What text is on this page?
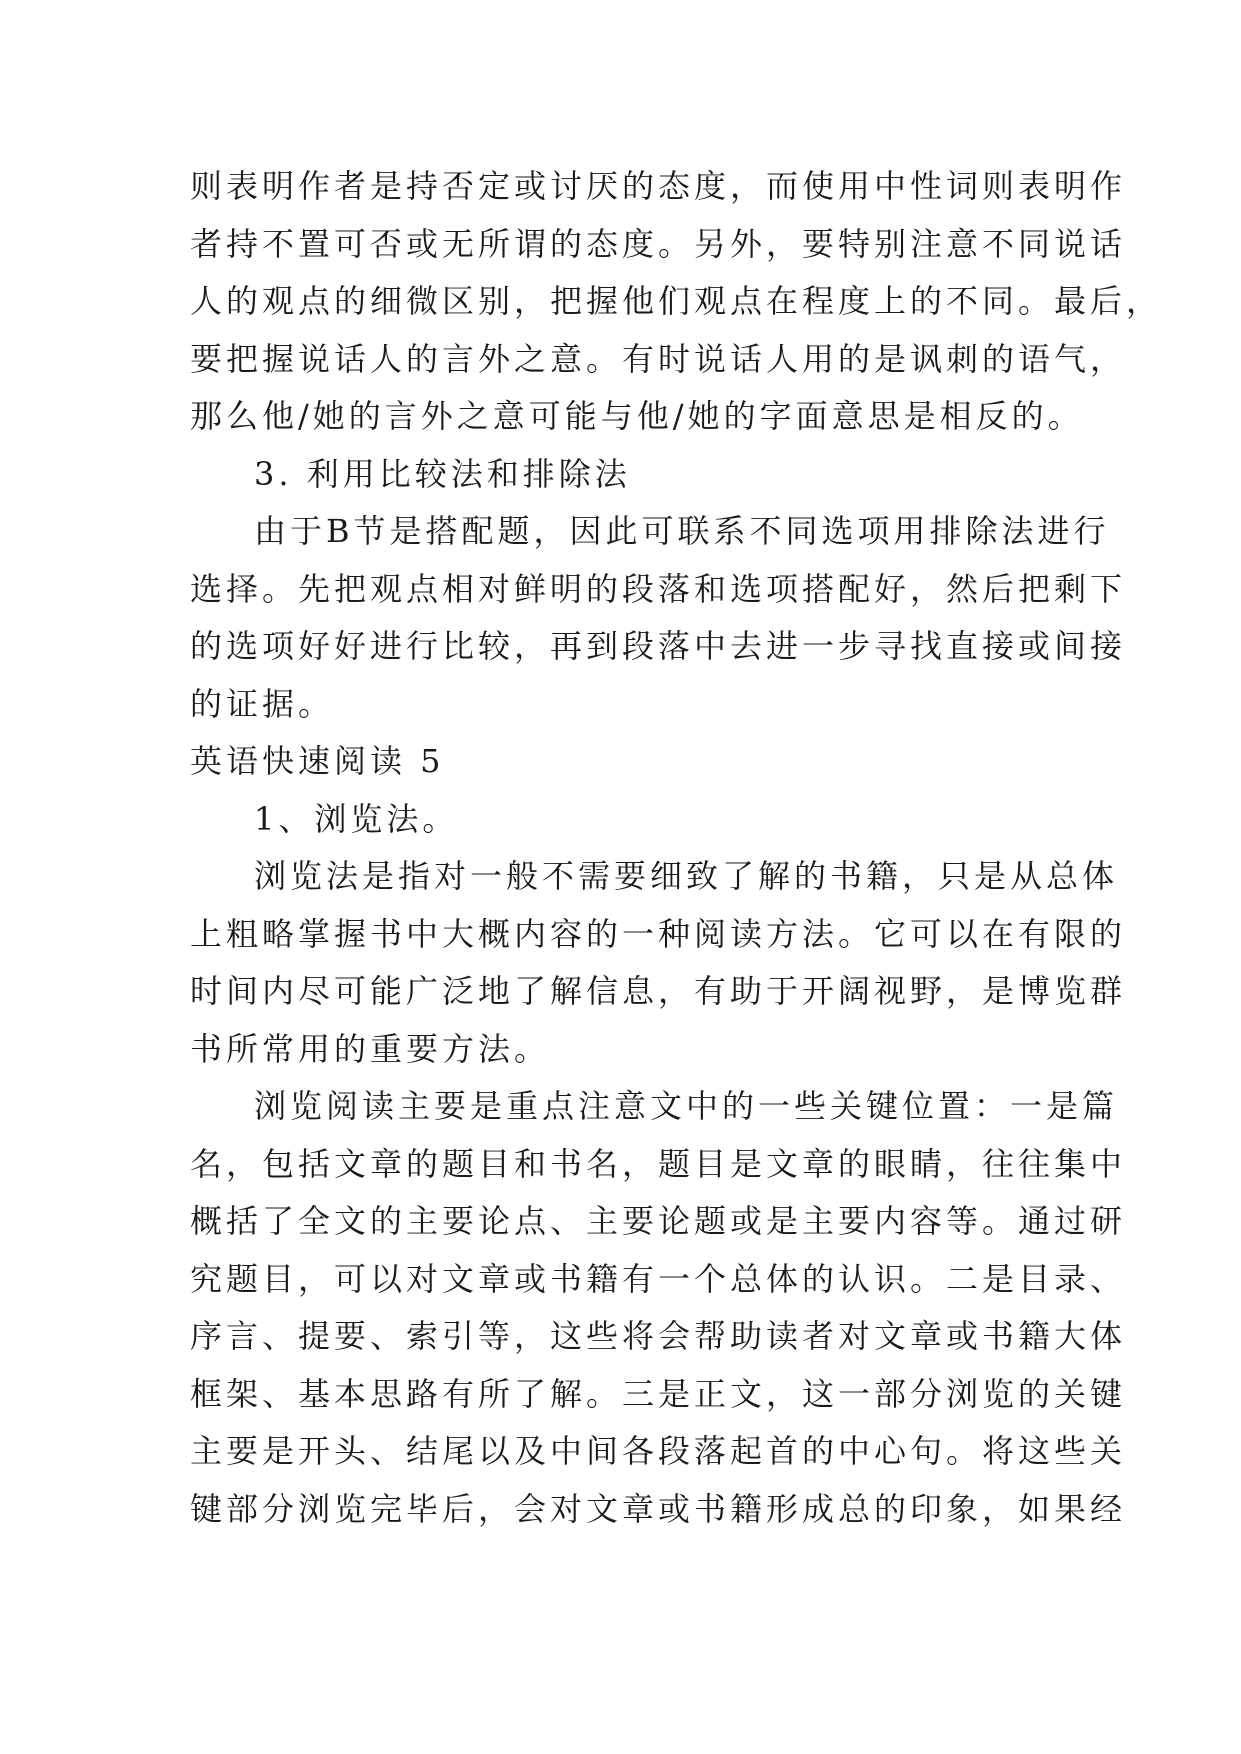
则表明作者是持否定或讨厌的态度，而使用中性词则表明作
者持不置可否或无所谓的态度。另外，要特别注意不同说话
人的观点的细微区别，把握他们观点在程度上的不同。最后，
要把握说话人的言外之意。有时说话人用的是讽刺的语气，
那么他/她的言外之意可能与他/她的字面意思是相反的。
3. 利用比较法和排除法
由于B节是搭配题，因此可联系不同选项用排除法进行
选择。先把观点相对鲜明的段落和选项搭配好，然后把剩下
的选项好好进行比较，再到段落中去进一步寻找直接或间接
的证据。
英语快速阅读 5
1、浏览法。
浏览法是指对一般不需要细致了解的书籍，只是从总体
上粗略掌握书中大概内容的一种阅读方法。它可以在有限的
时间内尽可能广泛地了解信息，有助于开阔视野，是博览群
书所常用的重要方法。
浏览阅读主要是重点注意文中的一些关键位置：一是篇
名，包括文章的题目和书名，题目是文章的眼睛，往往集中
概括了全文的主要论点、主要论题或是主要内容等。通过研
究题目，可以对文章或书籍有一个总体的认识。二是目录、
序言、提要、索引等，这些将会帮助读者对文章或书籍大体
框架、基本思路有所了解。三是正文，这一部分浏览的关键
主要是开头、结尾以及中间各段落起首的中心句。将这些关
键部分浏览完毕后，会对文章或书籍形成总的印象，如果经
